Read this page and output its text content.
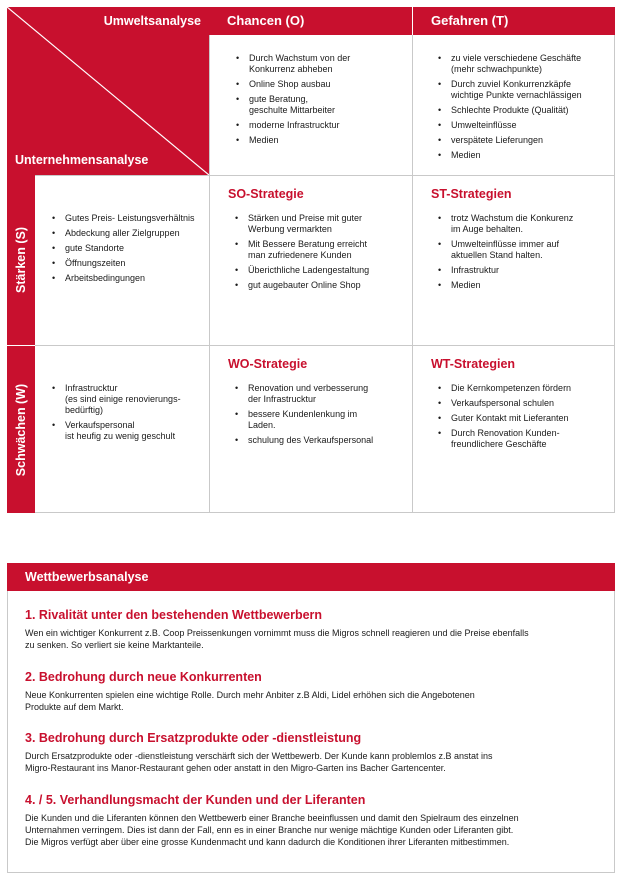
Umweltsanalyse
Unternehmensanalyse
Chancen (O)	Gefahren (T)
Stärken (S)
Schwächen (W)
• Durch Wachstum von der
Konkurrenz abheben
• Online Shop ausbau
• gute Beratung,
geschulte Mittarbeiter
• moderne Infrastrucktur
• Medien
• zu viele verschiedene Geschäfte
(mehr schwachpunkte)
• Durch zuviel Konkurrenzkäpfe
wichtige Punkte vernachlässigen
• Schlechte Produkte (Qualität)
• Umwelteinflüsse
• verspätete Lieferungen
• Medien
• Gutes Preis- Leistungsverhältnis
• Abdeckung aller Zielgruppen
• gute Standorte
• Öffnungszeiten
• Arbeitsbedingungen
SO-Strategie
• Stärken und Preise mit guter
Werbung vermarkten
• Mit Bessere Beratung erreicht
man zufriedenere Kunden
• Übericthliche Ladengestaltung
• gut augebauter Online Shop
ST-Strategien
• trotz Wachstum die Konkurenz
im Auge behalten.
• Umwelteinflüsse immer auf
aktuellen Stand halten.
• Infrastruktur
• Medien
• Infrastrucktur
(es sind einige renovierungs-
bedürftig)
• Verkaufspersonal
ist heufig zu wenig geschult
WO-Strategie
• Renovation und verbesserung
der Infrastrucktur
• bessere Kundenlenkung im
Laden.
• schulung des Verkaufspersonal
WT-Strategien
• Die Kernkompetenzen fördern
• Verkaufspersonal schulen
• Guter Kontakt mit Lieferanten
• Durch Renovation Kunden-
freundlichere Geschäfte
Wettbewerbsanalyse
1. Rivalität unter den bestehenden Wettbewerbern
Wen ein wichtiger Konkurrent z.B. Coop Preissenkungen vornimmt muss die Migros schnell reagieren und die Preise ebenfalls
zu senken. So verliert sie keine Marktanteile.
2. Bedrohung durch neue Konkurrenten
Neue Konkurrenten spielen eine wichtige Rolle. Durch mehr Anbiter z.B Aldi, Lidel erhöhen sich die Angebotenen
Produkte auf dem Markt.
3. Bedrohung durch Ersatzprodukte oder -dienstleistung
Durch Ersatzprodukte oder -dienstleistung verschärft sich der Wettbewerb. Der Kunde kann problemlos z.B anstat ins
Migro-Restaurant ins Manor-Restaurant gehen oder anstatt in den Migro-Garten ins Bacher Gartencenter.
4. / 5. Verhandlungsmacht der Kunden und der Liferanten
Die Kunden und die Liferanten können den Wettbewerb einer Branche beeinflussen und damit den Spielraum des einzelnen
Unternahmen verringem. Dies ist dann der Fall, enn es in einer Branche nur wenige mächtige Kunden oder Liferanten gibt.
Die Migros verfügt aber über eine grosse Kundenmacht und kann dadurch die Konditionen ihrer Liferanten mitbestimmen.
